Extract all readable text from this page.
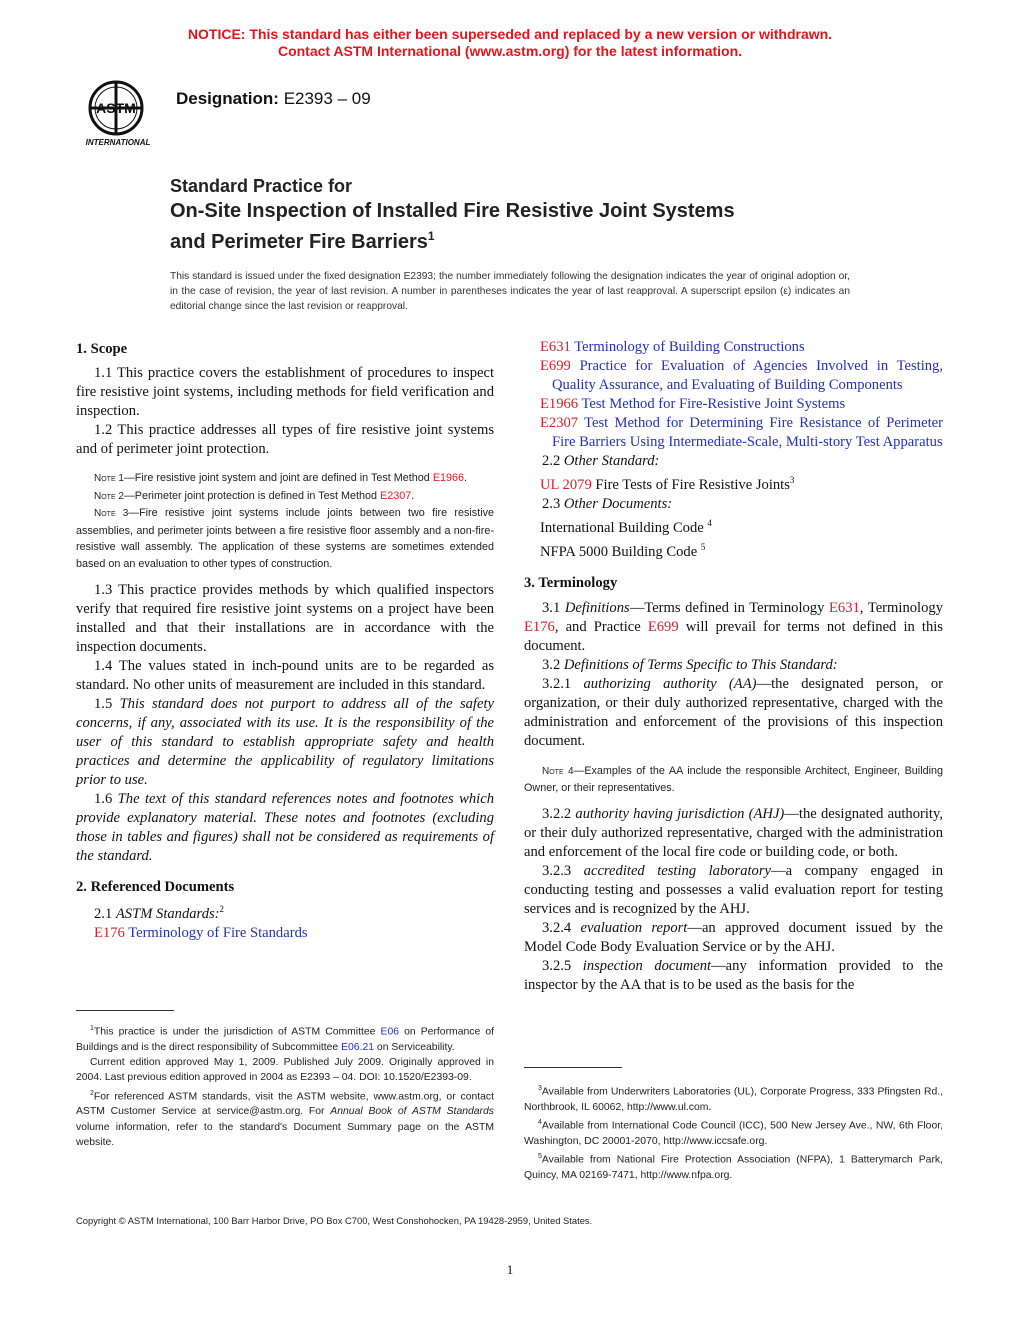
NOTICE: This standard has either been superseded and replaced by a new version or withdrawn.
Contact ASTM International (www.astm.org) for the latest information.
ASTM
INTERNATIONAL
Designation: E2393 – 09
Standard Practice for
On-Site Inspection of Installed Fire Resistive Joint Systems
and Perimeter Fire Barriers$^1$
This standard is issued under the fixed designation E2393; the number immediately following the designation indicates the year of original adoption or, in the case of revision, the year of last revision. A number in parentheses indicates the year of last reapproval. A superscript epsilon (ε) indicates an editorial change since the last revision or reapproval.
1. Scope

1.1 This practice covers the establishment of procedures to inspect fire resistive joint systems, including methods for field verification and inspection.

1.2 This practice addresses all types of fire resistive joint systems and of perimeter joint protection.

Note 1—Fire resistive joint system and joint are defined in Test Method E1966.

Note 2—Perimeter joint protection is defined in Test Method E2307.

Note 3—Fire resistive joint systems include joints between two fire resistive assemblies, and perimeter joints between a fire resistive floor assembly and a non-fire-resistive wall assembly. The application of these systems are sometimes extended based on an evaluation to other types of construction.

1.3 This practice provides methods by which qualified inspectors verify that required fire resistive joint systems on a project have been installed and that their installations are in accordance with the inspection documents.

1.4 The values stated in inch-pound units are to be regarded as standard. No other units of measurement are included in this standard.

1.5 This standard does not purport to address all of the safety concerns, if any, associated with its use. It is the responsibility of the user of this standard to establish appropriate safety and health practices and determine the applicability of regulatory limitations prior to use.

1.6 The text of this standard references notes and footnotes which provide explanatory material. These notes and footnotes (excluding those in tables and figures) shall not be considered as requirements of the standard.

2. Referenced Documents

2.1 ASTM Standards:$^2$

E176 Terminology of Fire Standards

$^1$This practice is under the jurisdiction of ASTM Committee E06 on Performance of Buildings and is the direct responsibility of Subcommittee E06.21 on Serviceability.

Current edition approved May 1, 2009. Published July 2009. Originally approved in 2004. Last previous edition approved in 2004 as E2393 – 04. DOI: 10.1520/E2393-09.

$^2$For referenced ASTM standards, visit the ASTM website, www.astm.org, or contact ASTM Customer Service at service@astm.org. For Annual Book of ASTM Standards volume information, refer to the standard's Document Summary page on the ASTM website.

E631 Terminology of Building Constructions

E699 Practice for Evaluation of Agencies Involved in Testing, Quality Assurance, and Evaluating of Building Components

E1966 Test Method for Fire-Resistive Joint Systems

E2307 Test Method for Determining Fire Resistance of Perimeter Fire Barriers Using Intermediate-Scale, Multi-story Test Apparatus

2.2 Other Standard:

UL 2079 Fire Tests of Fire Resistive Joints$^3$

2.3 Other Documents:

International Building Code $^4$

NFPA 5000 Building Code $^5$

3. Terminology

3.1 Definitions—Terms defined in Terminology E631, Terminology E176, and Practice E699 will prevail for terms not defined in this document.

3.2 Definitions of Terms Specific to This Standard:

3.2.1 authorizing authority (AA)—the designated person, or organization, or their duly authorized representative, charged with the administration and enforcement of the provisions of this inspection document.

Note 4—Examples of the AA include the responsible Architect, Engineer, Building Owner, or their representatives.

3.2.2 authority having jurisdiction (AHJ)—the designated authority, or their duly authorized representative, charged with the administration and enforcement of the local fire code or building code, or both.

3.2.3 accredited testing laboratory—a company engaged in conducting testing and possesses a valid evaluation report for testing services and is recognized by the AHJ.

3.2.4 evaluation report—an approved document issued by the Model Code Body Evaluation Service or by the AHJ.

3.2.5 inspection document—any information provided to the inspector by the AA that is to be used as the basis for the

$^3$Available from Underwriters Laboratories (UL), Corporate Progress, 333 Pfingsten Rd., Northbrook, IL 60062, http://www.ul.com.

$^4$Available from International Code Council (ICC), 500 New Jersey Ave., NW, 6th Floor, Washington, DC 20001-2070, http://www.iccsafe.org.

$^5$Available from National Fire Protection Association (NFPA), 1 Batterymarch Park, Quincy, MA 02169-7471, http://www.nfpa.org.

Copyright © ASTM International, 100 Barr Harbor Drive, PO Box C700, West Conshohocken, PA 19428-2959, United States.
1
